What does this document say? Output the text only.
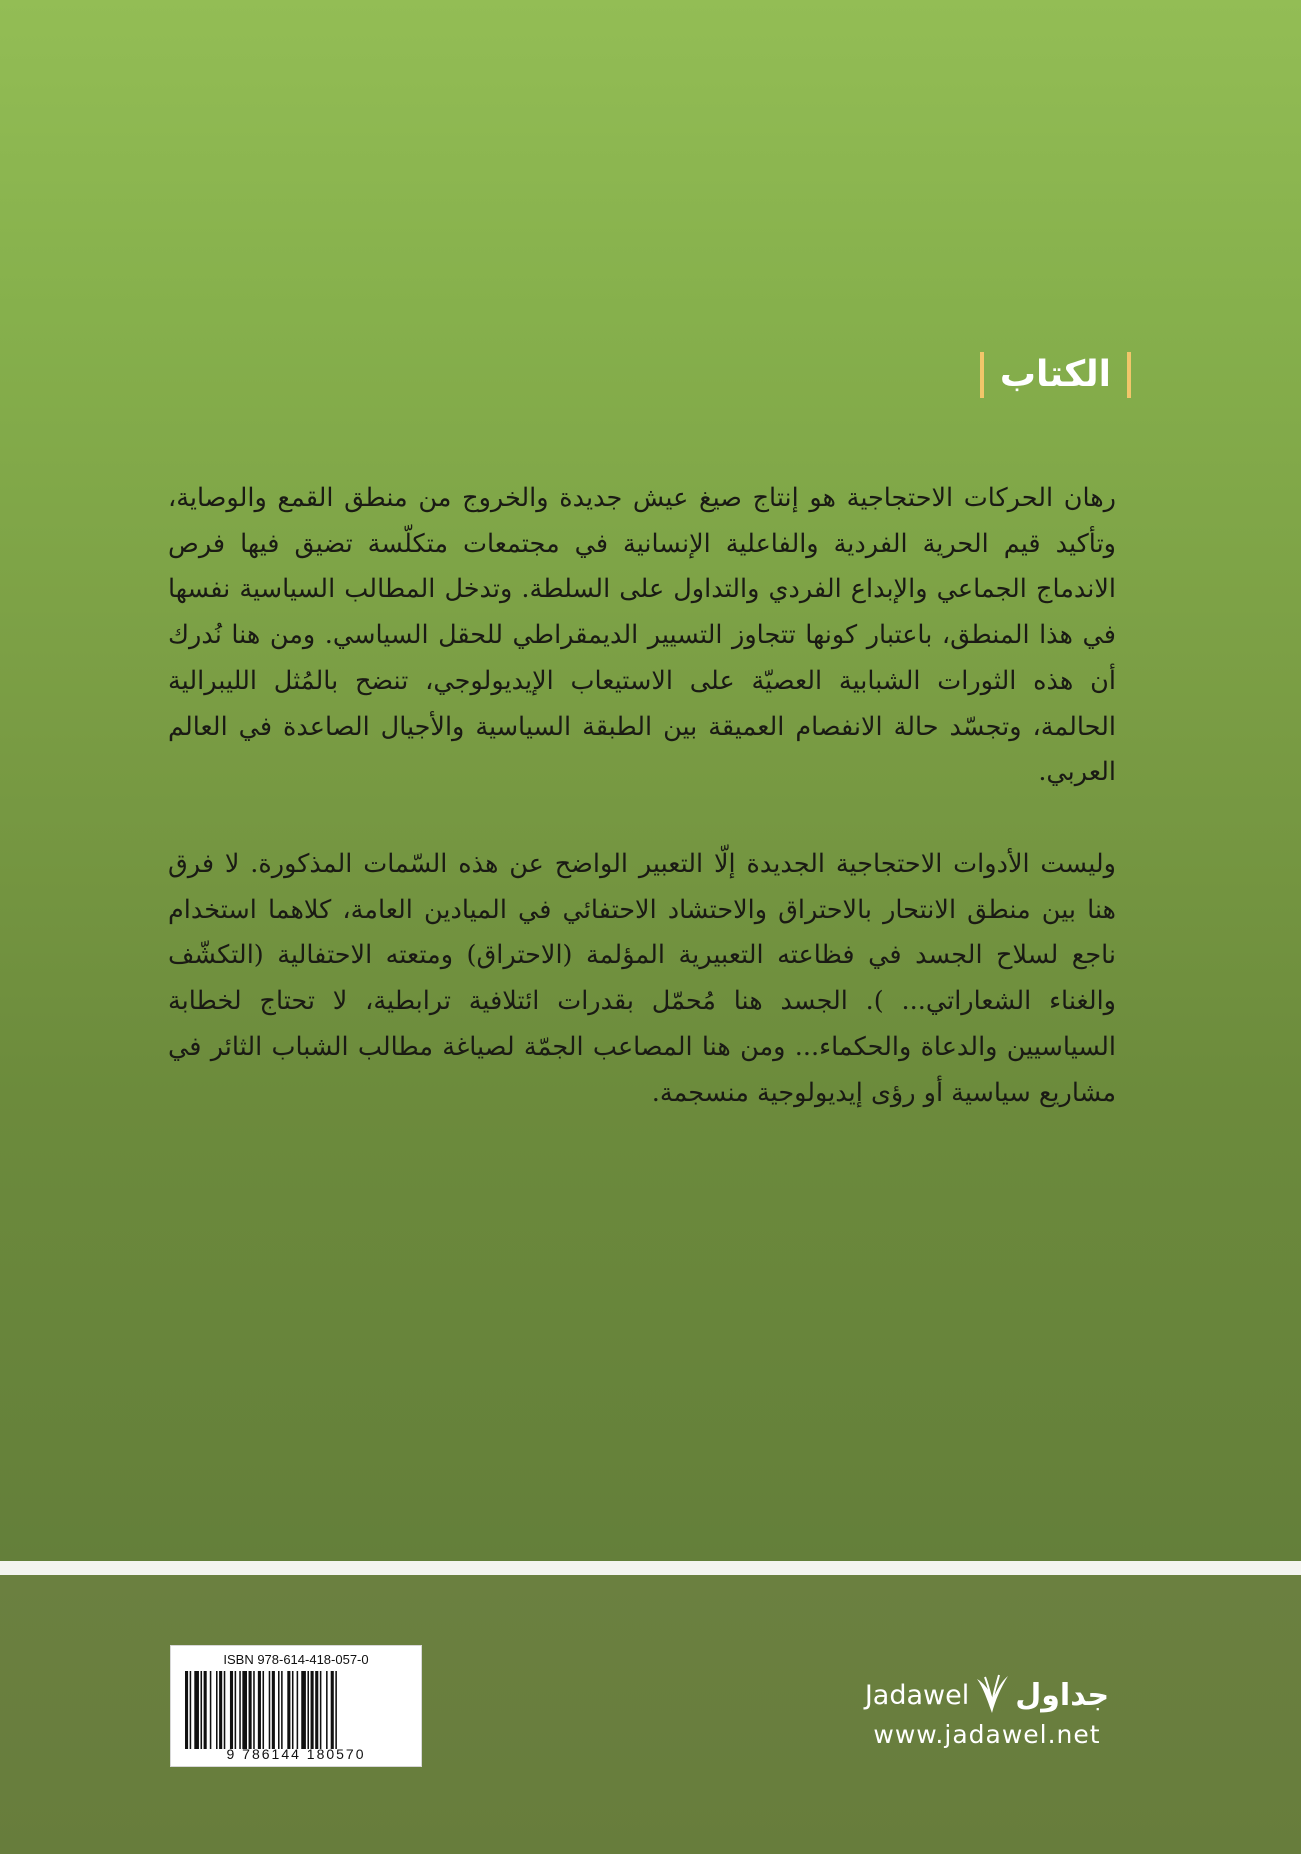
الكتاب
رهان الحركات الاحتجاجية هو إنتاج صيغ عيش جديدة والخروج من منطق القمع والوصاية، وتأكيد قيم الحرية الفردية والفاعلية الإنسانية في مجتمعات متكلّسة تضيق فيها فرص الاندماج الجماعي والإبداع الفردي والتداول على السلطة. وتدخل المطالب السياسية نفسها في هذا المنطق، باعتبار كونها تتجاوز التسيير الديمقراطي للحقل السياسي. ومن هنا نُدرك أن هذه الثورات الشبابية العصيّة على الاستيعاب الإيديولوجي، تنضح بالمُثل الليبرالية الحالمة، وتجسّد حالة الانفصام العميقة بين الطبقة السياسية والأجيال الصاعدة في العالم العربي.
وليست الأدوات الاحتجاجية الجديدة إلّا التعبير الواضح عن هذه السّمات المذكورة. لا فرق هنا بين منطق الانتحار بالاحتراق والاحتشاد الاحتفائي في الميادين العامة، كلاهما استخدام ناجع لسلاح الجسد في فظاعته التعبيرية المؤلمة (الاحتراق) ومتعته الاحتفالية (التكشّف والغناء الشعاراتي... ). الجسد هنا مُحمّل بقدرات ائتلافية ترابطية، لا تحتاج لخطابة السياسيين والدعاة والحكماء... ومن هنا المصاعب الجمّة لصياغة مطالب الشباب الثائر في مشاريع سياسية أو رؤى إيديولوجية منسجمة.
ISBN 978-614-418-057-0
9 786144 180570
Jadawel جداول
www.jadawel.net
